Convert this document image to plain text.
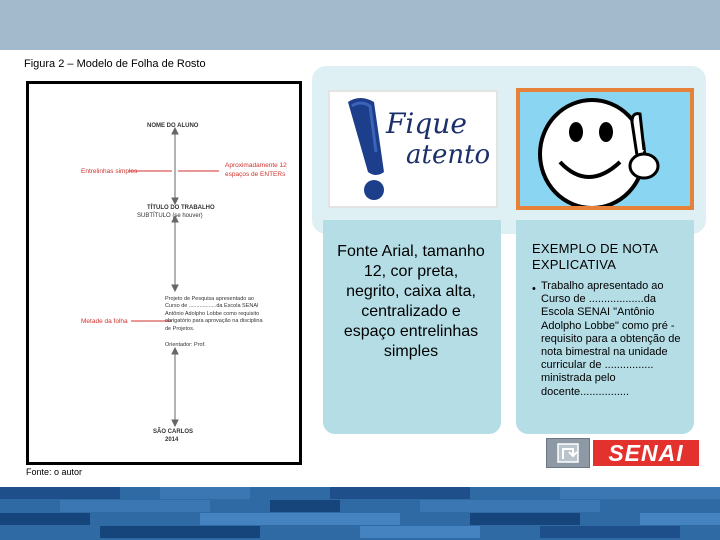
Figura 2 – Modelo de Folha de Rosto
NOME DO ALUNO
Entrelinhas simples
Aproximadamente 12 espaços de ENTERs
TÍTULO DO TRABALHO
SUBTÍTULO (se houver)
Projeto de Pesquisa apresentado ao Curso de ..................da Escola SENAI Antônio Adolpho Lobbe como requisito obrigatório para aprovação na disciplina de Projetos.
Orientador: Prof.
Metade da folha
SÃO CARLOS
2014
Fonte: o autor
Fique
atento
Fonte Arial, tamanho 12, cor preta, negrito, caixa alta, centralizado e espaço entrelinhas simples
EXEMPLO DE NOTA EXPLICATIVA
• Trabalho apresentado ao Curso de ..................da Escola SENAI "Antônio Adolpho Lobbe" como pré -requisito para a obtenção de nota bimestral na unidade curricular de ................ ministrada pelo docente................
SENAI
